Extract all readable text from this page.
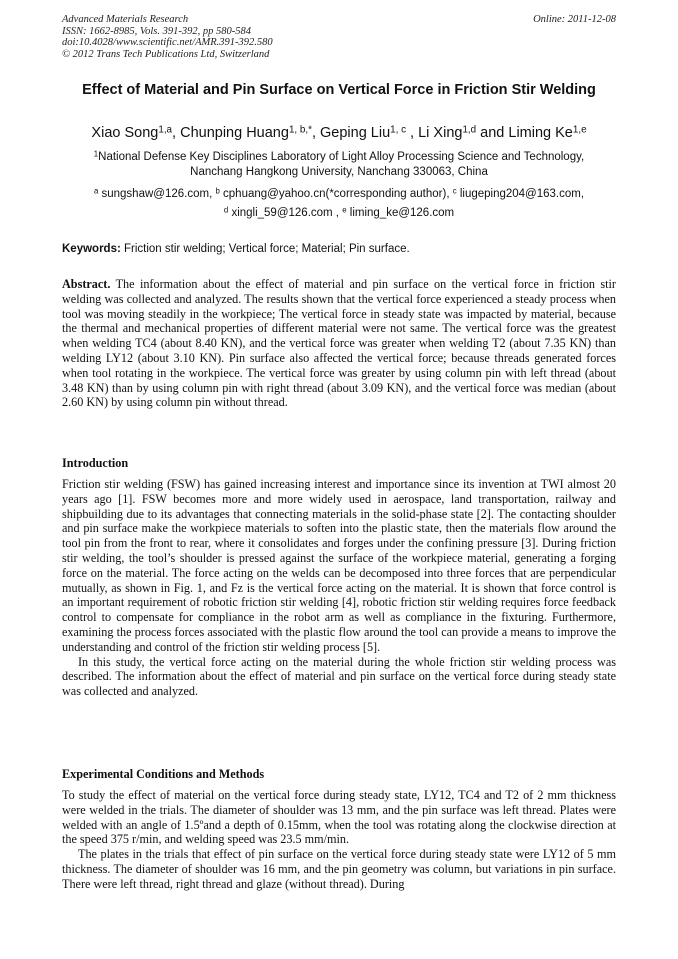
Advanced Materials Research
ISSN: 1662-8985, Vols. 391-392, pp 580-584
doi:10.4028/www.scientific.net/AMR.391-392.580
© 2012 Trans Tech Publications Ltd, Switzerland
Online: 2011-12-08
Effect of Material and Pin Surface on Vertical Force in Friction Stir Welding
Xiao Song$^{1,a}$, Chunping Huang$^{1, b,*}$, Geping Liu$^{1, c}$ , Li Xing$^{1,d}$ and Liming Ke$^{1,e}$
$^1$National Defense Key Disciplines Laboratory of Light Alloy Processing Science and Technology,
Nanchang Hangkong University, Nanchang 330063, China
$^a$ sungshaw@126.com, $^b$ cphuang@yahoo.cn(*corresponding author), $^c$ liugeping204@163.com,
$^d$ xingli_59@126.com , $^e$ liming_ke@126.com
Keywords: Friction stir welding; Vertical force; Material; Pin surface.
Abstract. The information about the effect of material and pin surface on the vertical force in friction stir welding was collected and analyzed. The results shown that the vertical force experienced a steady process when tool was moving steadily in the workpiece; The vertical force in steady state was impacted by material, because the thermal and mechanical properties of different material were not same. The vertical force was the greatest when welding TC4 (about 8.40 KN), and the vertical force was greater when welding T2 (about 7.35 KN) than welding LY12 (about 3.10 KN). Pin surface also affected the vertical force; because threads generated forces when tool rotating in the workpiece. The vertical force was greater by using column pin with left thread (about 3.48 KN) than by using column pin with right thread (about 3.09 KN), and the vertical force was median (about 2.60 KN) by using column pin without thread.
Introduction

Friction stir welding (FSW) has gained increasing interest and importance since its invention at TWI almost 20 years ago [1]. FSW becomes more and more widely used in aerospace, land transportation, railway and shipbuilding due to its advantages that connecting materials in the solid-phase state [2]. The contacting shoulder and pin surface make the workpiece materials to soften into the plastic state, then the materials flow around the tool pin from the front to rear, where it consolidates and forges under the confining pressure [3]. During friction stir welding, the tool’s shoulder is pressed against the surface of the workpiece material, generating a forging force on the material. The force acting on the welds can be decomposed into three forces that are perpendicular mutually, as shown in Fig. 1, and Fz is the vertical force acting on the material. It is shown that force control is an important requirement of robotic friction stir welding [4], robotic friction stir welding requires force feedback control to compensate for compliance in the robot arm as well as compliance in the fixturing. Furthermore, examining the process forces associated with the plastic flow around the tool can provide a means to improve the understanding and control of the friction stir welding process [5].

In this study, the vertical force acting on the material during the whole friction stir welding process was described. The information about the effect of material and pin surface on the vertical force during steady state was collected and analyzed.

Experimental Conditions and Methods

To study the effect of material on the vertical force during steady state, LY12, TC4 and T2 of 2 mm thickness were welded in the trials. The diameter of shoulder was 13 mm, and the pin surface was left thread. Plates were welded with an angle of 1.5ºand a depth of 0.15mm, when the tool was rotating along the clockwise direction at the speed 375 r/min, and welding speed was 23.5 mm/min.

The plates in the trials that effect of pin surface on the vertical force during steady state were LY12 of 5 mm thickness. The diameter of shoulder was 16 mm, and the pin geometry was column, but variations in pin surface. There were left thread, right thread and glaze (without thread). During
